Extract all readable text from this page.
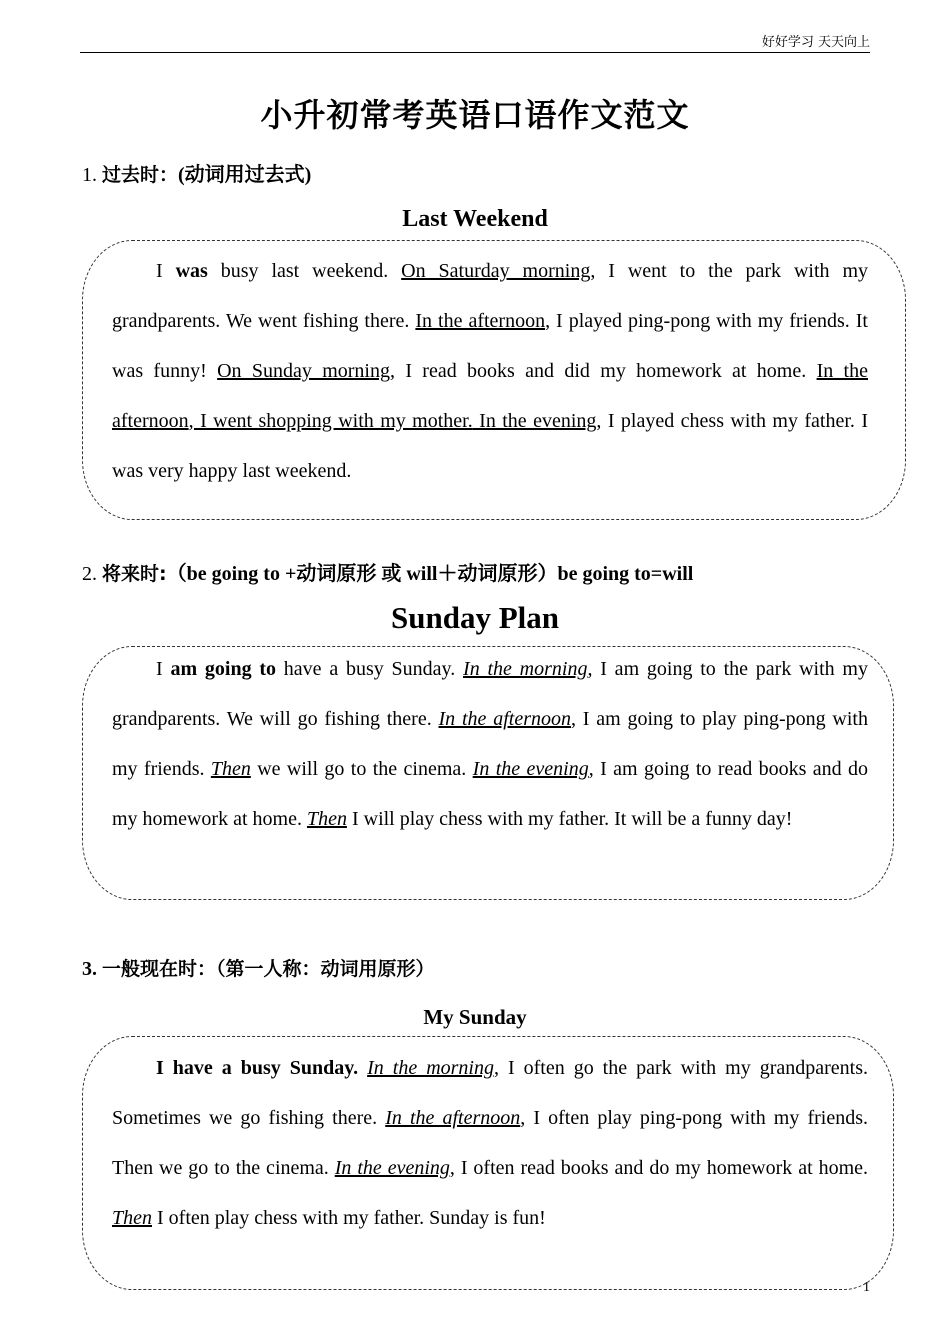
好好学习 天天向上
小升初常考英语口语作文范文
1. 过去时：(动词用过去式)
Last Weekend

I was busy last weekend. On Saturday morning, I went to the park with my grandparents. We went fishing there. In the afternoon, I played ping-pong with my friends. It was funny! On Sunday morning, I read books and did my homework at home. In the afternoon, I went shopping with my mother. In the evening, I played chess with my father. I was very happy last weekend.

2. 将来时:（be going to +动词原形 或 will＋动词原形）be going to=will
Sunday Plan

I am going to have a busy Sunday. In the morning, I am going to the park with my grandparents. We will go fishing there. In the afternoon, I am going to play ping-pong with my friends. Then we will go to the cinema. In the evening, I am going to read books and do my homework at home. Then I will play chess with my father. It will be a funny day!

3. 一般现在时：（第一人称：动词用原形）
My Sunday

I have a busy Sunday. In the morning, I often go the park with my grandparents. Sometimes we go fishing there. In the afternoon, I often play ping-pong with my friends. Then we go to the cinema. In the evening, I often read books and do my homework at home. Then I often play chess with my father. Sunday is fun!

1
